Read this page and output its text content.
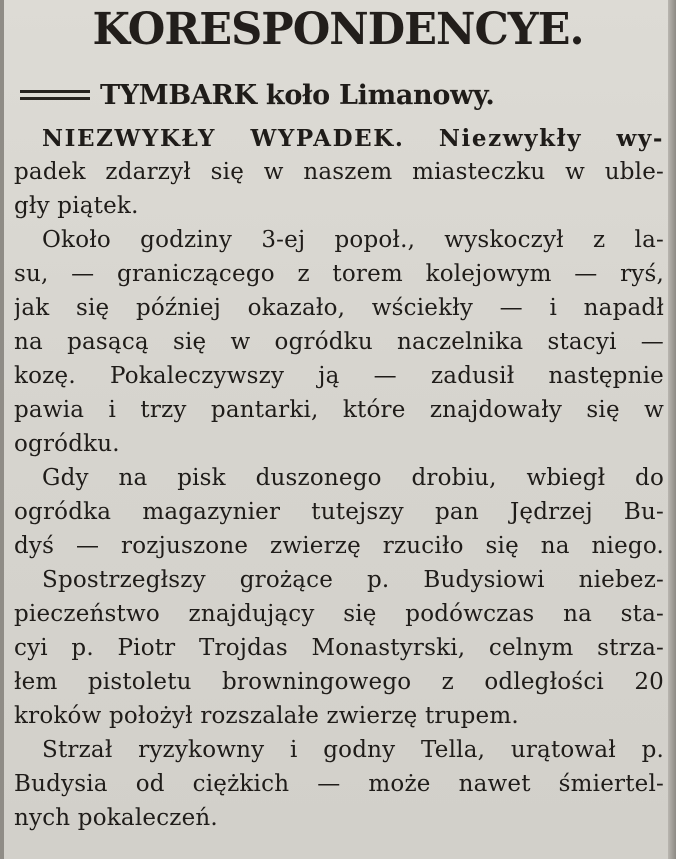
KORESPONDENCYE.
TYMBARK koło Limanowy.
NIEZWYKŁY WYPADEK. Niezwykły wy-
padek zdarzył się w naszem miasteczku w uble-
gły piątek.
Około godziny 3-ej popoł., wyskoczył z la-
su, — graniczącego z torem kolejowym — ryś,
jak się później okazało, wściekły — i napadł
na pasącą się w ogródku naczelnika stacyi —
kozę. Pokaleczywszy ją — zadusił następnie
pawia i trzy pantarki, które znajdowały się w
ogródku.
Gdy na pisk duszonego drobiu, wbiegł do
ogródka magazynier tutejszy pan Jędrzej Bu-
dyś — rozjuszone zwierzę rzuciło się na niego.
Spostrzegłszy grożące p. Budysiowi niebez-
pieczeństwo znajdujący się podówczas na sta-
cyi p. Piotr Trojdas Monastyrski, celnym strza-
łem pistoletu browningowego z odległości 20
kroków położył rozszalałe zwierzę trupem.
Strzał ryzykowny i godny Tella, urątował p.
Budysia od ciężkich — może nawet śmiertel-
nych pokaleczeń.
